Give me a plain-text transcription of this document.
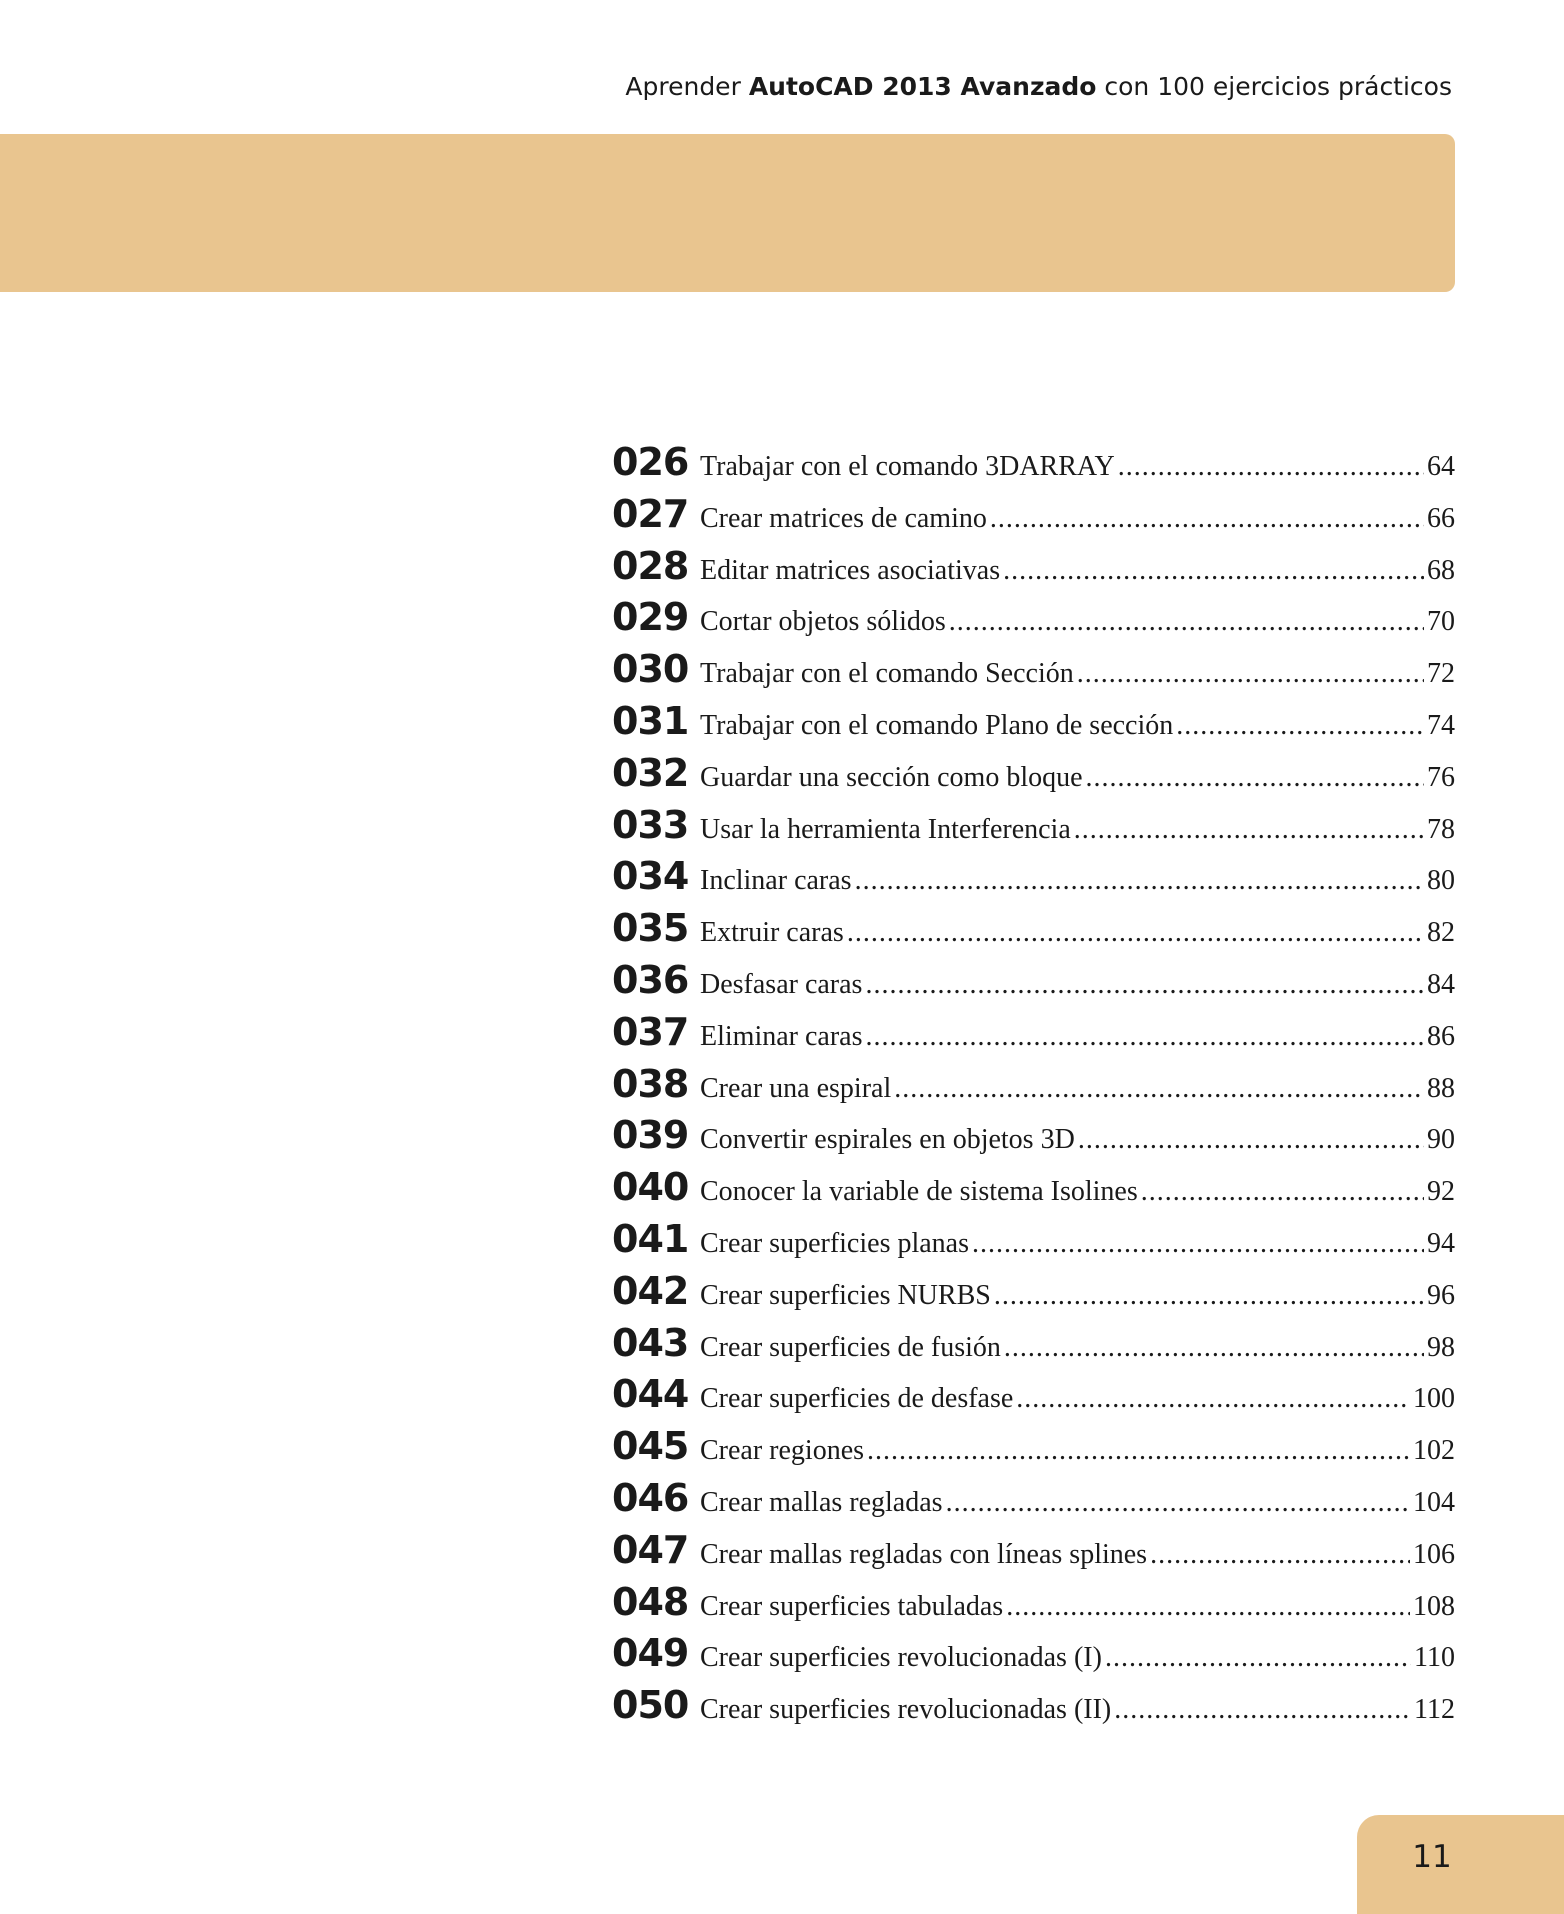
Aprender AutoCAD 2013 Avanzado con 100 ejercicios prácticos
026 Trabajar con el comando 3DARRAY .....	64
027 Crear matrices de camino .....	66
028 Editar matrices asociativas .....	68
029 Cortar objetos sólidos .....	70
030 Trabajar con el comando Sección .....	72
031 Trabajar con el comando Plano de sección .....	74
032 Guardar una sección como bloque .....	76
033 Usar la herramienta Interferencia .....	78
034 Inclinar caras .....	80
035 Extruir caras .....	82
036 Desfasar caras .....	84
037 Eliminar caras .....	86
038 Crear una espiral .....	88
039 Convertir espirales en objetos 3D .....	90
040 Conocer la variable de sistema Isolines .....	92
041 Crear superficies planas .....	94
042 Crear superficies NURBS .....	96
043 Crear superficies de fusión .....	98
044 Crear superficies de desfase .....	100
045 Crear regiones .....	102
046 Crear mallas regladas .....	104
047 Crear mallas regladas con líneas splines .....	106
048 Crear superficies tabuladas .....	108
049 Crear superficies revolucionadas (I) .....	110
050 Crear superficies revolucionadas (II) .....	112
11
